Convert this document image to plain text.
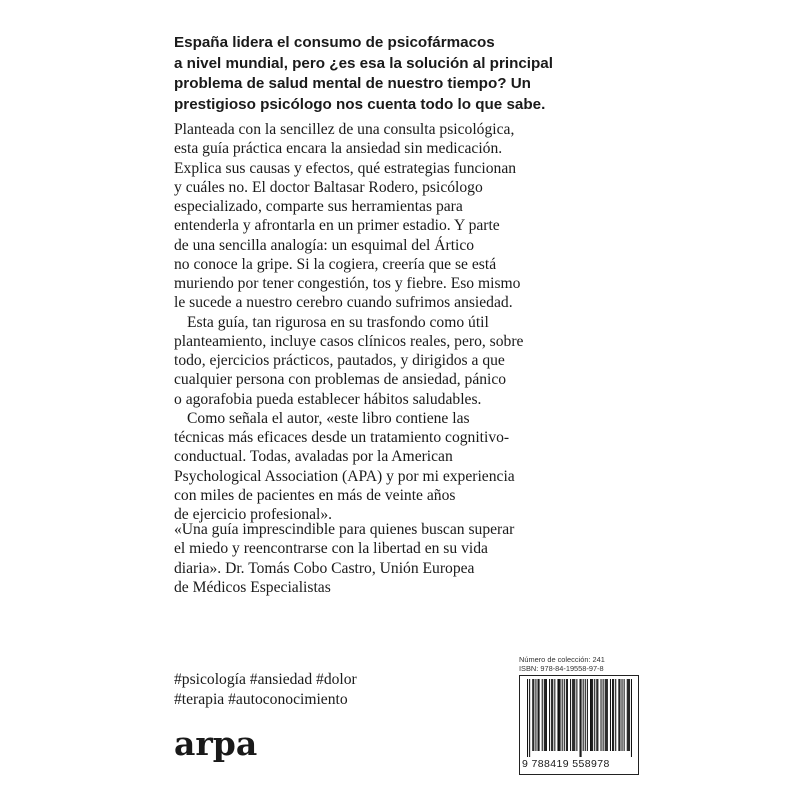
España lidera el consumo de psicofármacos
a nivel mundial, pero ¿es esa la solución al principal
problema de salud mental de nuestro tiempo? Un
prestigioso psicólogo nos cuenta todo lo que sabe.
Planteada con la sencillez de una consulta psicológica,
esta guía práctica encara la ansiedad sin medicación.
Explica sus causas y efectos, qué estrategias funcionan
y cuáles no. El doctor Baltasar Rodero, psicólogo
especializado, comparte sus herramientas para
entenderla y afrontarla en un primer estadio. Y parte
de una sencilla analogía: un esquimal del Ártico
no conoce la gripe. Si la cogiera, creería que se está
muriendo por tener congestión, tos y fiebre. Eso mismo
le sucede a nuestro cerebro cuando sufrimos ansiedad.
Esta guía, tan rigurosa en su trasfondo como útil
planteamiento, incluye casos clínicos reales, pero, sobre
todo, ejercicios prácticos, pautados, y dirigidos a que
cualquier persona con problemas de ansiedad, pánico
o agorafobia pueda establecer hábitos saludables.
Como señala el autor, «este libro contiene las
técnicas más eficaces desde un tratamiento cognitivo-
conductual. Todas, avaladas por la American
Psychological Association (APA) y por mi experiencia
con miles de pacientes en más de veinte años
de ejercicio profesional».
«Una guía imprescindible para quienes buscan superar
el miedo y reencontrarse con la libertad en su vida
diaria». Dr. Tomás Cobo Castro, Unión Europea
de Médicos Especialistas
#psicología #ansiedad #dolor
#terapia #autoconocimiento
arpa
Número de colección: 241
ISBN: 978-84-19558-97-8
9 788419 558978
